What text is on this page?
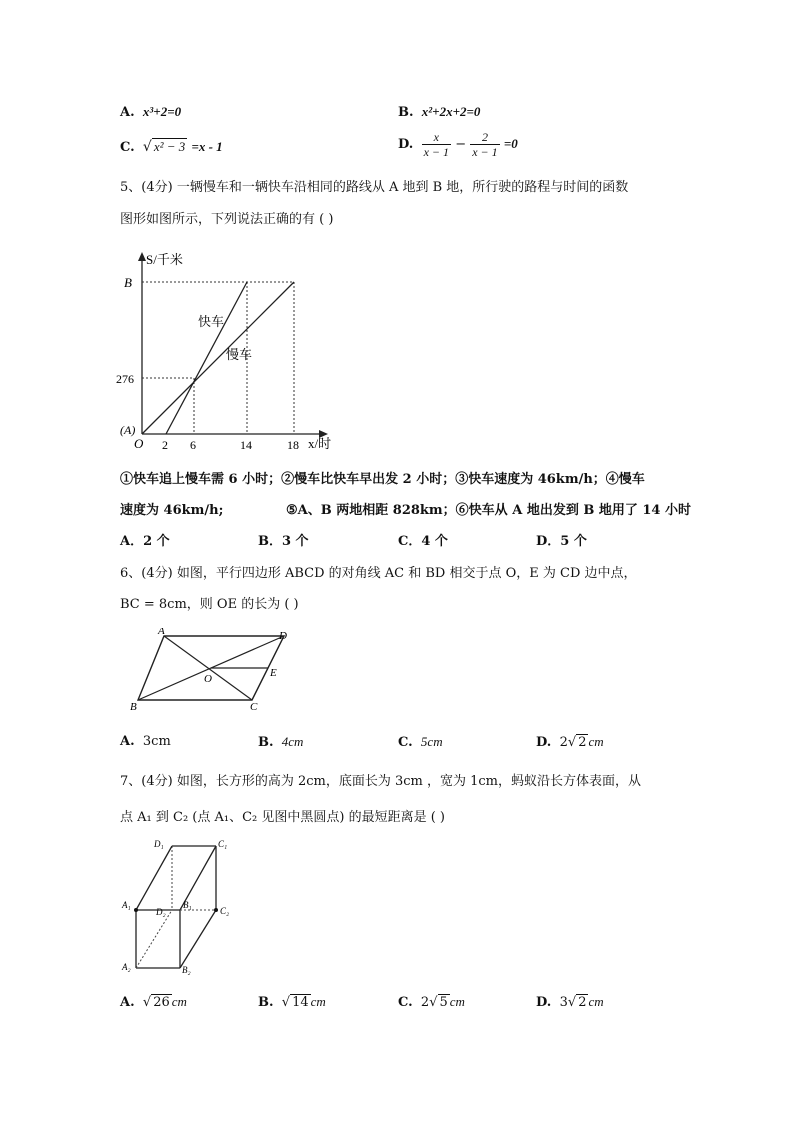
A. x³+2=0	B. x²+2x+2=0
C. √ x² − 3 =x - 1	D. $\frac{x}{x - 1} - \frac{2}{x - 1} =0$
5、(4分) 一辆慢车和一辆快车沿相同的路线从 A 地到 B 地，所行驶的路程与时间的函数
图形如图所示，下列说法正确的有 ( )
S/千米
x/时
B
276
(A)
O 2 6	14	18
快车
慢车
①快车追上慢车需 6 小时；②慢车比快车早出发 2 小时；③快车速度为 46km/h；④慢车
速度为 46km/h;	⑤A、B 两地相距 828km；⑥快车从 A 地出发到 B 地用了 14 小时
A．2 个	B．3 个	C．4 个	D．5 个
6、(4分) 如图，平行四边形 ABCD 的对角线 AC 和 BD 相交于点 O，E 为 CD 边中点，
BC = 8cm，则 OE 的长为 ( )
A	D
E
O
B	C
A. 3cm	B. 4cm	C. 5cm	D. 2√ 2 cm
7、(4分) 如图，长方形的高为 2cm，底面长为 3cm ，宽为 1cm，蚂蚁沿长方体表面，从
点 A₁ 到 C₂ (点 A₁、C₂ 见图中黑圆点) 的最短距离是 ( )
D₁	C₁
A₁
D₂
B₁
C₂
A₂	B₂
A. √ 26 cm	B. √ 14 cm	C. 2√ 5 cm	D. 3√ 2 cm
